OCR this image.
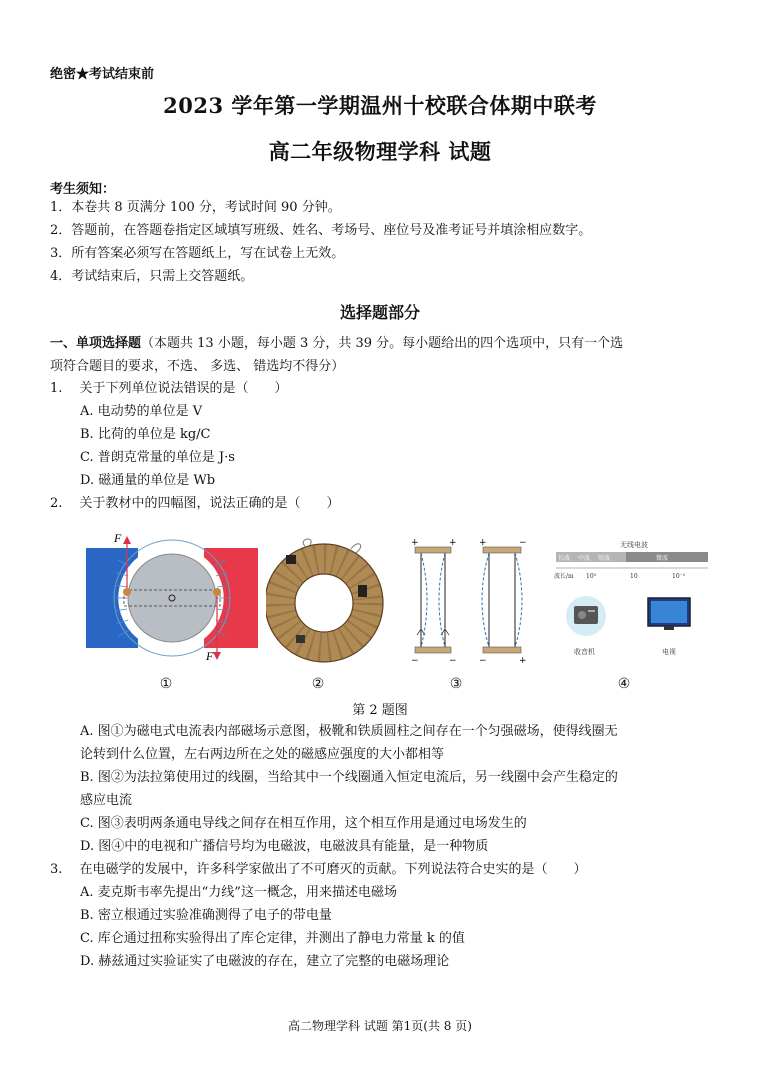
绝密★考试结束前
2023 学年第一学期温州十校联合体期中联考
高二年级物理学科 试题
考生须知：
1．本卷共 8 页满分 100 分，考试时间 90 分钟。
2．答题前，在答题卷指定区域填写班级、姓名、考场号、座位号及准考证号并填涂相应数字。
3．所有答案必须写在答题纸上，写在试卷上无效。
4．考试结束后，只需上交答题纸。
选择题部分
一、单项选择题（本题共 13 小题，每小题 3 分，共 39 分。每小题给出的四个选项中，只有一个选
项符合题目的要求，不选、 多选、 错选均不得分）
1.　 关于下列单位说法错误的是（　　）
A. 电动势的单位是 V
B. 比荷的单位是 kg/C
C. 普朗克常量的单位是 J·s
D. 磁通量的单位是 Wb
2.　 关于教材中的四幅图，说法正确的是（　　）
F
F
+	+
−	−
+	−
−	+
无线电波
长波 中波 短波	微波
波长/m 10³	10	10⁻²
收音机	电视
①	②	③	④
第 2 题图
A. 图①为磁电式电流表内部磁场示意图，极靴和铁质圆柱之间存在一个匀强磁场，使得线圈无
论转到什么位置，左右两边所在之处的磁感应强度的大小都相等
B. 图②为法拉第使用过的线圈，当给其中一个线圈通入恒定电流后，另一线圈中会产生稳定的
感应电流
C. 图③表明两条通电导线之间存在相互作用，这个相互作用是通过电场发生的
D. 图④中的电视和广播信号均为电磁波，电磁波具有能量，是一种物质
3.　 在电磁学的发展中，许多科学家做出了不可磨灭的贡献。下列说法符合史实的是（　　）
A. 麦克斯韦率先提出“力线”这一概念，用来描述电磁场
B. 密立根通过实验准确测得了电子的带电量
C. 库仑通过扭称实验得出了库仑定律，并测出了静电力常量 k 的值
D. 赫兹通过实验证实了电磁波的存在，建立了完整的电磁场理论
高二物理学科 试题 第1页(共 8 页)
